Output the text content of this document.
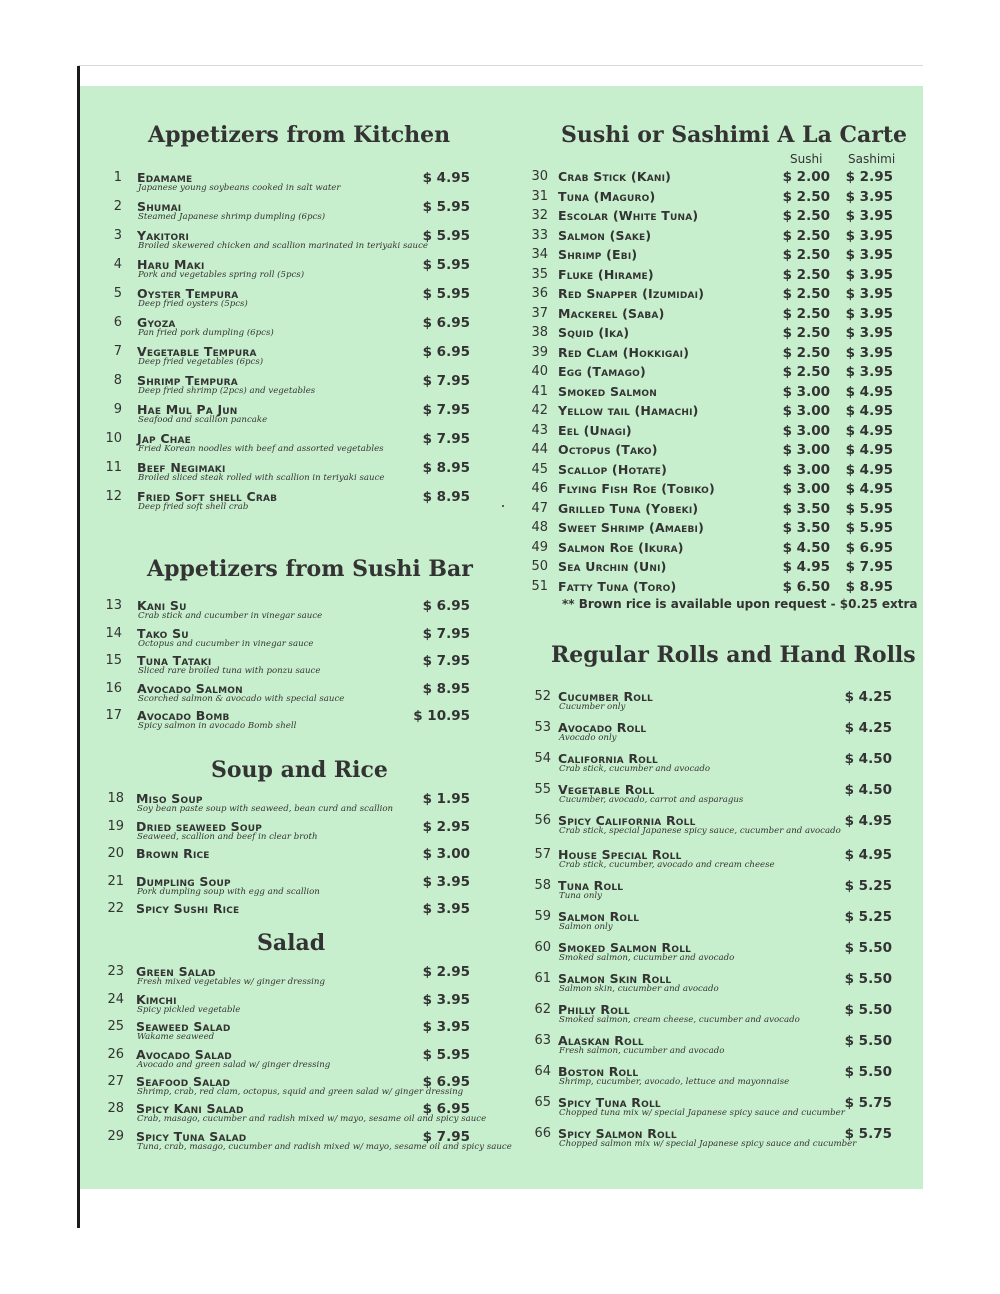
Appetizers from Kitchen
Appetizers from Sushi Bar
Soup and Rice
Salad
Sushi or Sashimi A La Carte
Regular Rolls and Hand Rolls
Sushi Sashimi
** Brown rice is available upon request - $0.25 extra
1 Edamame
Japanese young soybeans cooked in salt water
$ 4.95
2 Shumai
Steamed Japanese shrimp dumpling (6pcs)
$ 5.95
3 Yakitori
Broiled skewered chicken and scallion marinated in teriyaki sauce
$ 5.95
4 Haru Maki
Pork and vegetables spring roll (5pcs)
$ 5.95
5 Oyster Tempura
Deep fried oysters (5pcs)
$ 5.95
6 Gyoza
Pan fried pork dumpling (6pcs)
$ 6.95
7 Vegetable Tempura
Deep fried vegetables (6pcs)
$ 6.95
8 Shrimp Tempura
Deep fried shrimp (2pcs) and vegetables
$ 7.95
9 Hae Mul Pa Jun
Seafood and scallion pancake
$ 7.95
10 Jap Chae
Fried Korean noodles with beef and assorted vegetables
$ 7.95
11 Beef Negimaki
Broiled sliced steak rolled with scallion in teriyaki sauce
$ 8.95
12 Fried Soft shell Crab
Deep fried soft shell crab
$ 8.95
13 Kani Su
Crab stick and cucumber in vinegar sauce
$ 6.95
14 Tako Su
Octopus and cucumber in vinegar sauce
$ 7.95
15 Tuna Tataki
Sliced rare broiled tuna with ponzu sauce
$ 7.95
16 Avocado Salmon
Scorched salmon & avocado with special sauce
$ 8.95
17 Avocado Bomb
Spicy salmon in avocado Bomb shell
$ 10.95
18 Miso Soup
Soy bean paste soup with seaweed, bean curd and scallion
$ 1.95
19 Dried seaweed Soup
Seaweed, scallion and beef in clear broth
$ 2.95
20 Brown Rice	$ 3.00
21 Dumpling Soup
Pork dumpling soup with egg and scallion
$ 3.95
22 Spicy Sushi Rice	$ 3.95
23 Green Salad
Fresh mixed vegetables w/ ginger dressing
$ 2.95
24 Kimchi
Spicy pickled vegetable
$ 3.95
25 Seaweed Salad
Wakame seaweed
$ 3.95
26 Avocado Salad
Avocado and green salad w/ ginger dressing
$ 5.95
27 Seafood Salad
Shrimp, crab, red clam, octopus, squid and green salad w/ ginger dressing
$ 6.95
28 Spicy Kani Salad
Crab, masago, cucumber and radish mixed w/ mayo, sesame oil and spicy sauce
$ 6.95
29 Spicy Tuna Salad
Tuna, crab, masago, cucumber and radish mixed w/ mayo, sesame oil and spicy sauce
$ 7.95
52 Cucumber Roll
Cucumber only
$ 4.25
53 Avocado Roll
Avocado only
$ 4.25
54 California Roll
Crab stick, cucumber and avocado
$ 4.50
55 Vegetable Roll
Cucumber, avocado, carrot and asparagus
$ 4.50
56 Spicy California Roll
Crab stick, special Japanese spicy sauce, cucumber and avocado
$ 4.95
57 House Special Roll
Crab stick, cucumber, avocado and cream cheese
$ 4.95
58 Tuna Roll
Tuna only
$ 5.25
59 Salmon Roll
Salmon only
$ 5.25
60 Smoked Salmon Roll
Smoked salmon, cucumber and avocado
$ 5.50
61 Salmon Skin Roll
Salmon skin, cucumber and avocado
$ 5.50
62 Philly Roll
Smoked salmon, cream cheese, cucumber and avocado
$ 5.50
63 Alaskan Roll
Fresh salmon, cucumber and avocado
$ 5.50
64 Boston Roll
Shrimp, cucumber, avocado, lettuce and mayonnaise
$ 5.50
65 Spicy Tuna Roll
Chopped tuna mix w/ special Japanese spicy sauce and cucumber
$ 5.75
66 Spicy Salmon Roll
Chopped salmon mix w/ special Japanese spicy sauce and cucumber
$ 5.75
30 Crab Stick (Kani)	$ 2.00	$ 2.95
31 Tuna (Maguro)	$ 2.50	$ 3.95
32 Escolar (White Tuna)	$ 2.50	$ 3.95
33 Salmon (Sake)	$ 2.50	$ 3.95
34 Shrimp (Ebi)	$ 2.50	$ 3.95
35 Fluke (Hirame)	$ 2.50	$ 3.95
36 Red Snapper (Izumidai)	$ 2.50	$ 3.95
37 Mackerel (Saba)	$ 2.50	$ 3.95
38 Squid (Ika)	$ 2.50	$ 3.95
39 Red Clam (Hokkigai)	$ 2.50	$ 3.95
40 Egg (Tamago)	$ 2.50	$ 3.95
41 Smoked Salmon	$ 3.00	$ 4.95
42 Yellow tail (Hamachi)	$ 3.00	$ 4.95
43 Eel (Unagi)	$ 3.00	$ 4.95
44 Octopus (Tako)	$ 3.00	$ 4.95
45 Scallop (Hotate)	$ 3.00	$ 4.95
46 Flying Fish Roe (Tobiko)	$ 3.00	$ 4.95
47 Grilled Tuna (Yobeki)	$ 3.50	$ 5.95
48 Sweet Shrimp (Amaebi)	$ 3.50	$ 5.95
49 Salmon Roe (Ikura)	$ 4.50	$ 6.95
50 Sea Urchin (Uni)	$ 4.95	$ 7.95
51 Fatty Tuna (Toro)	$ 6.50	$ 8.95
